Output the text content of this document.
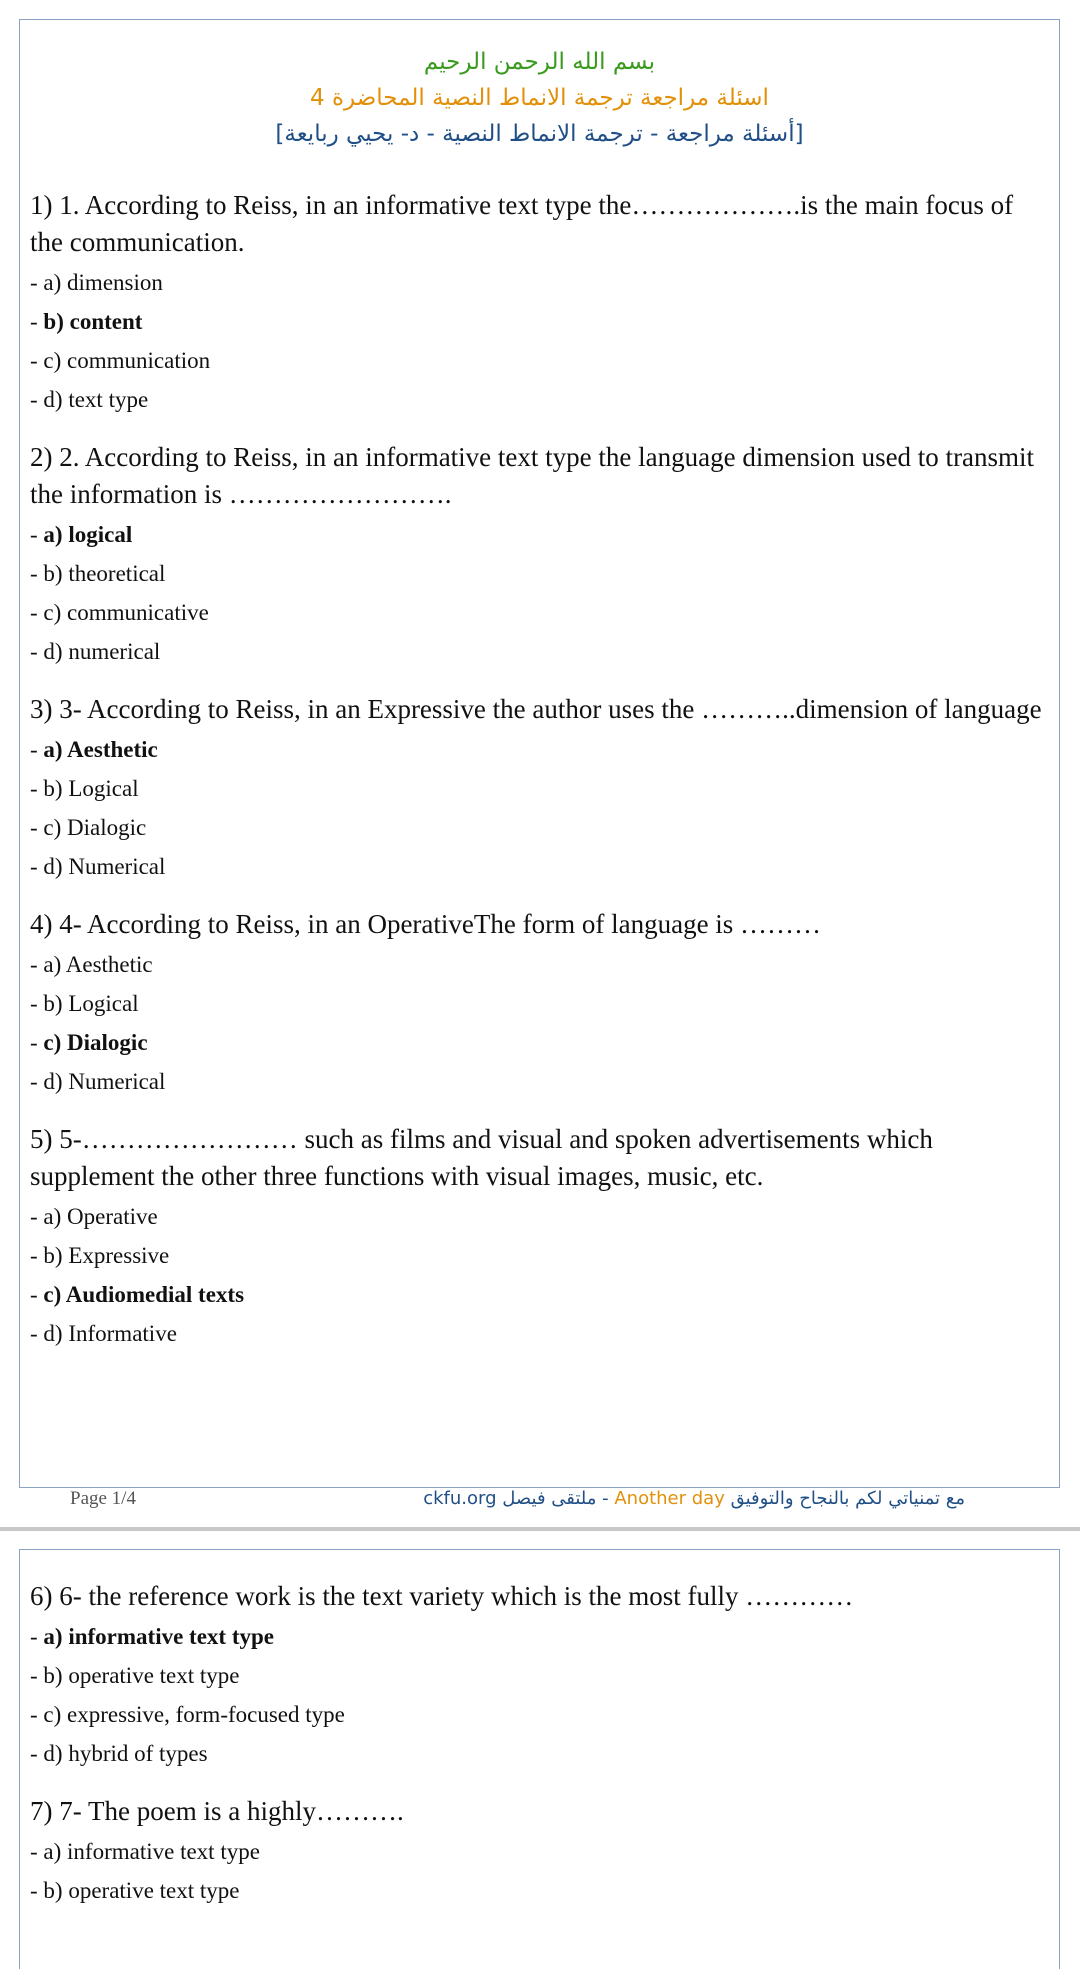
بسم الله الرحمن الرحيم
اسئلة مراجعة ترجمة الانماط النصية المحاضرة 4
[أسئلة مراجعة - ترجمة الانماط النصية - د- يحيي ربايعة]
1) 1. According to Reiss, in an informative text type the……………….is the main focus of the communication.
- a) dimension
- b) content
- c) communication
- d) text type
2) 2. According to Reiss, in an informative text type the language dimension used to transmit the information is …………………….
- a) logical
- b) theoretical
- c) communicative
- d) numerical
3) 3- According to Reiss, in an Expressive the author uses the ………..dimension of language
- a) Aesthetic
- b) Logical
- c) Dialogic
- d) Numerical
4) 4- According to Reiss, in an OperativeThe form of language is ………
- a) Aesthetic
- b) Logical
- c) Dialogic
- d) Numerical
5) 5-…………………… such as films and visual and spoken advertisements which supplement the other three functions with visual images, music, etc.
- a) Operative
- b) Expressive
- c) Audiomedial texts
- d) Informative
Page 1/4	مع تمنياتي لكم بالنجاح والتوفيق Another day - ملتقى فيصل ckfu.org
6) 6- the reference work is the text variety which is the most fully …………
- a) informative text type
- b) operative text type
- c) expressive, form-focused type
- d) hybrid of types
7) 7- The poem is a highly……….
- a) informative text type
- b) operative text type
